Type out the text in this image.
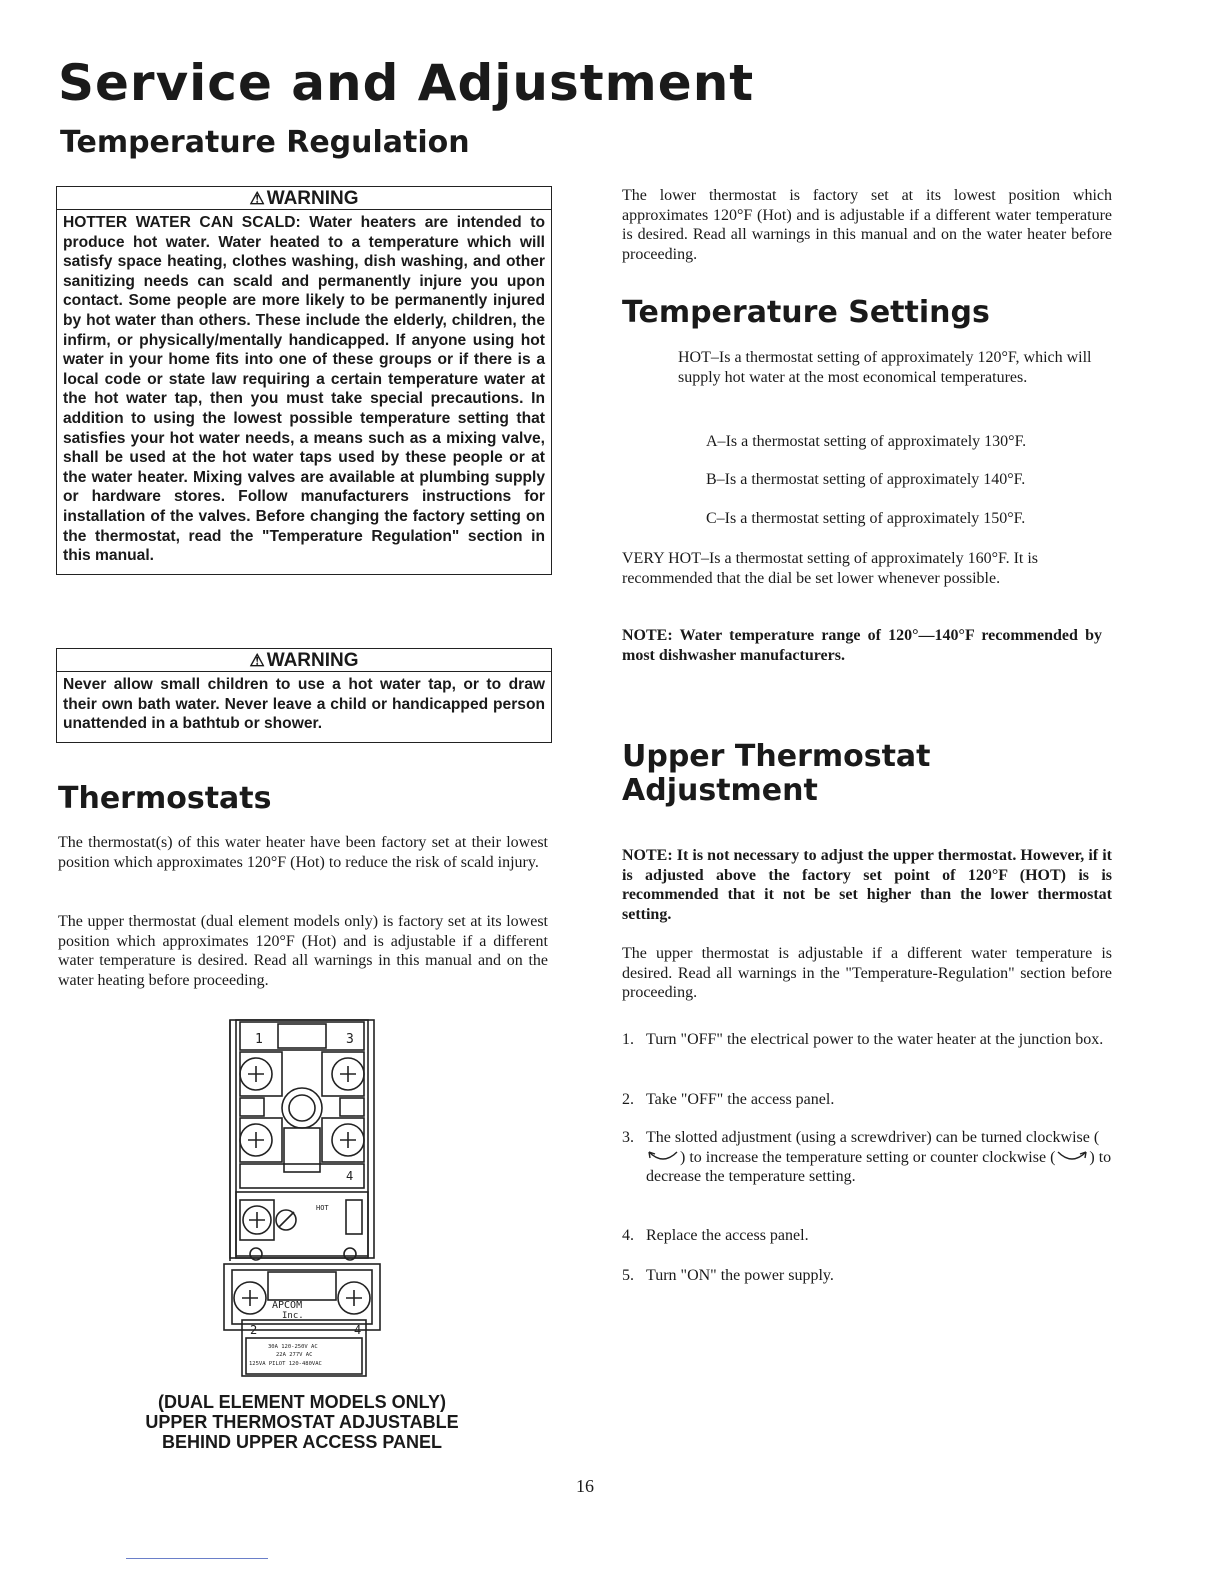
Service and Adjustment
Temperature Regulation
⚠ WARNING
HOTTER WATER CAN SCALD: Water heaters are intended to produce hot water. Water heated to a temperature which will satisfy space heating, clothes washing, dish washing, and other sanitizing needs can scald and permanently injure you upon contact. Some people are more likely to be permanently injured by hot water than others. These include the elderly, children, the infirm, or physically/mentally handicapped. If anyone using hot water in your home fits into one of these groups or if there is a local code or state law requiring a certain temperature water at the hot water tap, then you must take special precautions. In addition to using the lowest possible temperature setting that satisfies your hot water needs, a means such as a mixing valve, shall be used at the hot water taps used by these people or at the water heater. Mixing valves are available at plumbing supply or hardware stores. Follow manufacturers instructions for installation of the valves. Before changing the factory setting on the thermostat, read the "Temperature Regulation" section in this manual.
⚠ WARNING
Never allow small children to use a hot water tap, or to draw their own bath water. Never leave a child or handicapped person unattended in a bathtub or shower.
Thermostats

The thermostat(s) of this water heater have been factory set at their lowest position which approximates 120°F (Hot) to reduce the risk of scald injury.

The upper thermostat (dual element models only) is factory set at its lowest position which approximates 120°F (Hot) and is adjustable if a different water temperature is desired. Read all warnings in this manual and on the water heating before proceeding.

1	3
4
HOT
APCOM
Inc.
2	4
30A 120-250V AC
22A 277V AC
125VA PILOT 120-480VAC
(DUAL ELEMENT MODELS ONLY)
UPPER THERMOSTAT ADJUSTABLE
BEHIND UPPER ACCESS PANEL

The lower thermostat is factory set at its lowest position which approximates 120°F (Hot) and is adjustable if a different water temperature is desired. Read all warnings in this manual and on the water heater before proceeding.

Temperature Settings
HOT–Is a thermostat setting of approximately 120°F, which will supply hot water at the most economical temperatures.
A–Is a thermostat setting of approximately 130°F.
B–Is a thermostat setting of approximately 140°F.
C–Is a thermostat setting of approximately 150°F.
VERY HOT–Is a thermostat setting of approximately 160°F. It is recommended that the dial be set lower whenever possible.

NOTE: Water temperature range of 120°—140°F recommended by most dishwasher manufacturers.

Upper Thermostat
Adjustment

NOTE: It is not necessary to adjust the upper thermostat. However, if it is adjusted above the factory set point of 120°F (HOT) is is recommended that it not be set higher than the lower thermostat setting.

The upper thermostat is adjustable if a different water temperature is desired. Read all warnings in the "Temperature-Regulation" section before proceeding.

1. Turn "OFF" the electrical power to the water heater at the junction box.
2. Take "OFF" the access panel.
3. The slotted adjustment (using a screwdriver) can be turned clockwise () to increase the temperature setting or counter clockwise ( ) to decrease the temperature setting.
4. Replace the access panel.
5. Turn "ON" the power supply.
16
